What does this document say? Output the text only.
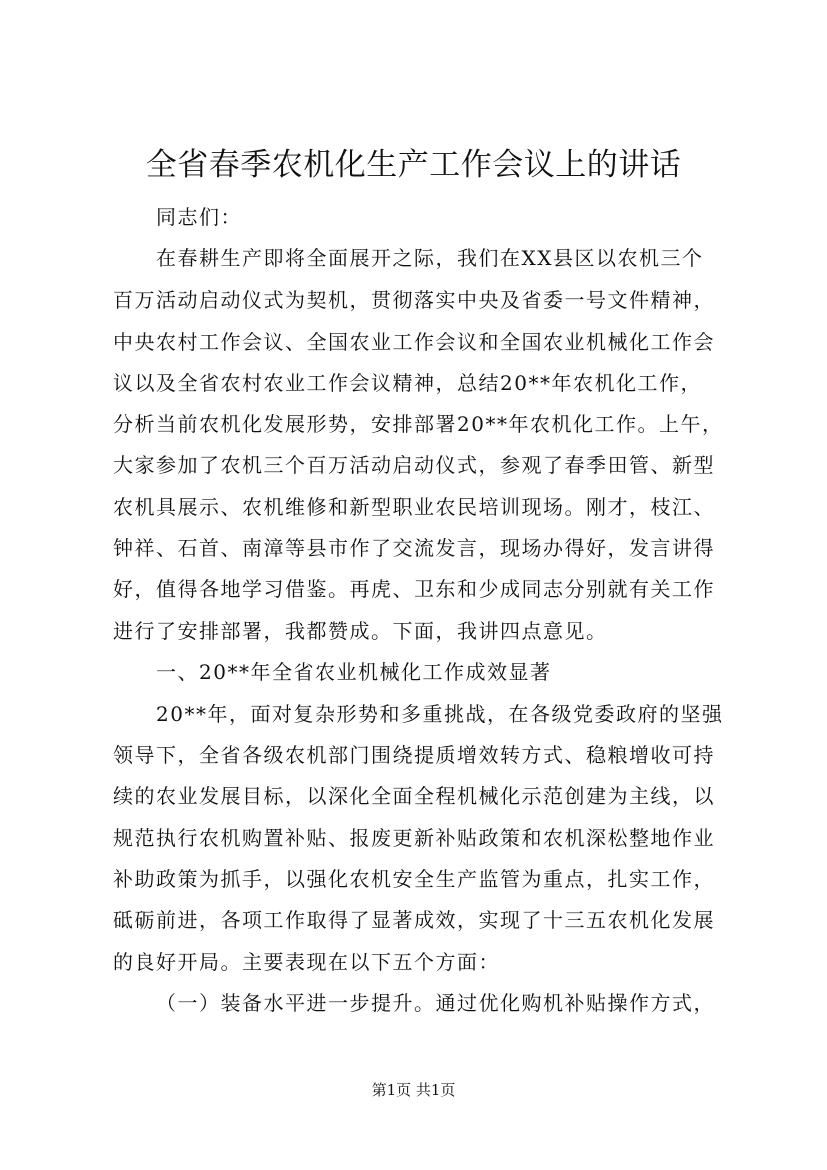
全省春季农机化生产工作会议上的讲话
同志们：
在春耕生产即将全面展开之际，我们在XX县区以农机三个
百万活动启动仪式为契机，贯彻落实中央及省委一号文件精神，
中央农村工作会议、全国农业工作会议和全国农业机械化工作会
议以及全省农村农业工作会议精神，总结20**年农机化工作，
分析当前农机化发展形势，安排部署20**年农机化工作。上午，
大家参加了农机三个百万活动启动仪式，参观了春季田管、新型
农机具展示、农机维修和新型职业农民培训现场。刚才，枝江、
钟祥、石首、南漳等县市作了交流发言，现场办得好，发言讲得
好，值得各地学习借鉴。再虎、卫东和少成同志分别就有关工作
进行了安排部署，我都赞成。下面，我讲四点意见。
一、20**年全省农业机械化工作成效显著
20**年，面对复杂形势和多重挑战，在各级党委政府的坚强
领导下，全省各级农机部门围绕提质增效转方式、稳粮增收可持
续的农业发展目标，以深化全面全程机械化示范创建为主线，以
规范执行农机购置补贴、报废更新补贴政策和农机深松整地作业
补助政策为抓手，以强化农机安全生产监管为重点，扎实工作，
砥砺前进，各项工作取得了显著成效，实现了十三五农机化发展
的良好开局。主要表现在以下五个方面：
（一）装备水平进一步提升。通过优化购机补贴操作方式，
第1页 共1页
